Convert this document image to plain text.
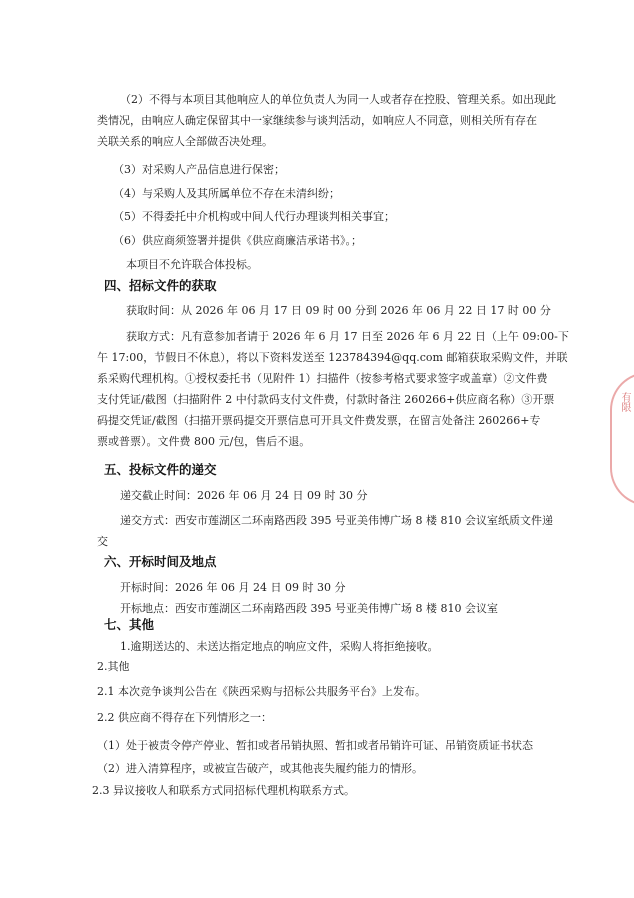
（2）不得与本项目其他响应人的单位负责人为同一人或者存在控股、管理关系。如出现此
类情况，由响应人确定保留其中一家继续参与谈判活动，如响应人不同意，则相关所有存在
关联关系的响应人全部做否决处理。
（3）对采购人产品信息进行保密；
（4）与采购人及其所属单位不存在未清纠纷；
（5）不得委托中介机构或中间人代行办理谈判相关事宜；
（6）供应商须签署并提供《供应商廉洁承诺书》。；
本项目不允许联合体投标。
四、招标文件的获取
获取时间：从 2026 年 06 月 17 日 09 时 00 分到 2026 年 06 月 22 日 17 时 00 分
获取方式：凡有意参加者请于 2026 年 6 月 17 日至 2026 年 6 月 22 日（上午 09:00-下
午 17:00，节假日不休息），将以下资料发送至 123784394@qq.com 邮箱获取采购文件，并联
系采购代理机构。①授权委托书（见附件 1）扫描件（按参考格式要求签字或盖章）②文件费
支付凭证/截图（扫描附件 2 中付款码支付文件费，付款时备注 260266+供应商名称）③开票
码提交凭证/截图（扫描开票码提交开票信息可开具文件费发票，在留言处备注 260266+专
票或普票）。文件费 800 元/包，售后不退。
五、投标文件的递交
递交截止时间：2026 年 06 月 24 日 09 时 30 分
递交方式：西安市莲湖区二环南路西段 395 号亚美伟博广场 8 楼 810 会议室纸质文件递
交
六、开标时间及地点
开标时间：2026 年 06 月 24 日 09 时 30 分
开标地点：西安市莲湖区二环南路西段 395 号亚美伟博广场 8 楼 810 会议室
七、其他
1.逾期送达的、未送达指定地点的响应文件，采购人将拒绝接收。
2.其他
2.1 本次竞争谈判公告在《陕西采购与招标公共服务平台》上发布。
2.2 供应商不得存在下列情形之一：
（1）处于被责令停产停业、暂扣或者吊销执照、暂扣或者吊销许可证、吊销资质证书状态
（2）进入清算程序，或被宣告破产，或其他丧失履约能力的情形。
2.3 异议接收人和联系方式同招标代理机构联系方式。
有限
